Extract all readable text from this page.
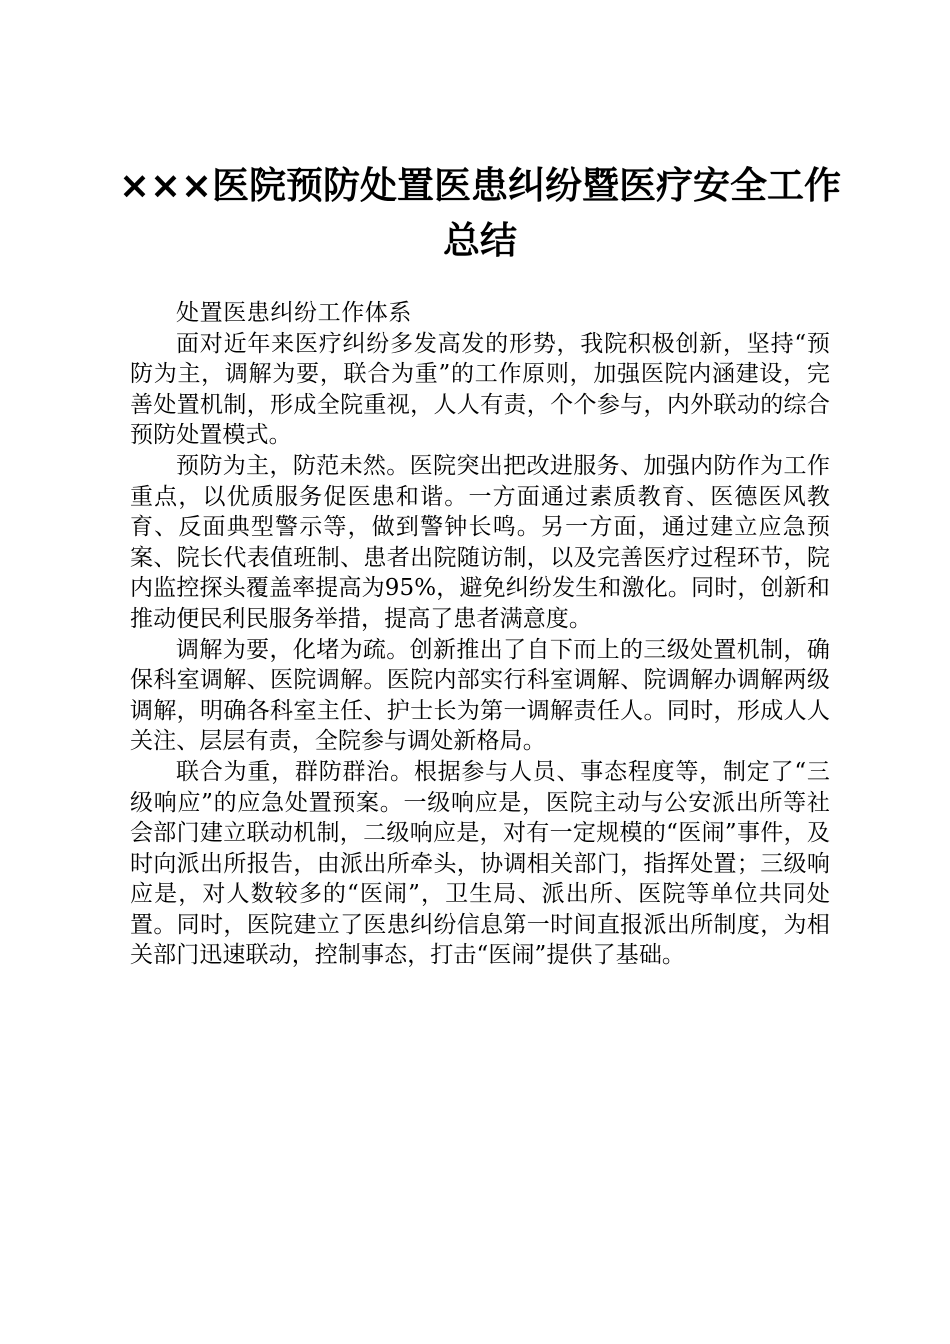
×××医院预防处置医患纠纷暨医疗安全工作
总结

处置医患纠纷工作体系

面对近年来医疗纠纷多发高发的形势，我院积极创新，坚持“预防为主，调解为要，联合为重”的工作原则，加强医院内涵建设，完善处置机制，形成全院重视，人人有责，个个参与，内外联动的综合预防处置模式。

预防为主，防范未然。医院突出把改进服务、加强内防作为工作重点，以优质服务促医患和谐。一方面通过素质教育、医德医风教育、反面典型警示等，做到警钟长鸣。另一方面，通过建立应急预案、院长代表值班制、患者出院随访制，以及完善医疗过程环节，院内监控探头覆盖率提高为95%，避免纠纷发生和激化。同时，创新和推动便民利民服务举措，提高了患者满意度。

调解为要，化堵为疏。创新推出了自下而上的三级处置机制，确保科室调解、医院调解。医院内部实行科室调解、院调解办调解两级调解，明确各科室主任、护士长为第一调解责任人。同时，形成人人关注、层层有责，全院参与调处新格局。

联合为重，群防群治。根据参与人员、事态程度等，制定了“三级响应”的应急处置预案。一级响应是，医院主动与公安派出所等社会部门建立联动机制，二级响应是，对有一定规模的“医闹”事件，及时向派出所报告，由派出所牵头，协调相关部门，指挥处置；三级响应是，对人数较多的“医闹”，卫生局、派出所、医院等单位共同处置。同时，医院建立了医患纠纷信息第一时间直报派出所制度，为相关部门迅速联动，控制事态，打击“医闹”提供了基础。
